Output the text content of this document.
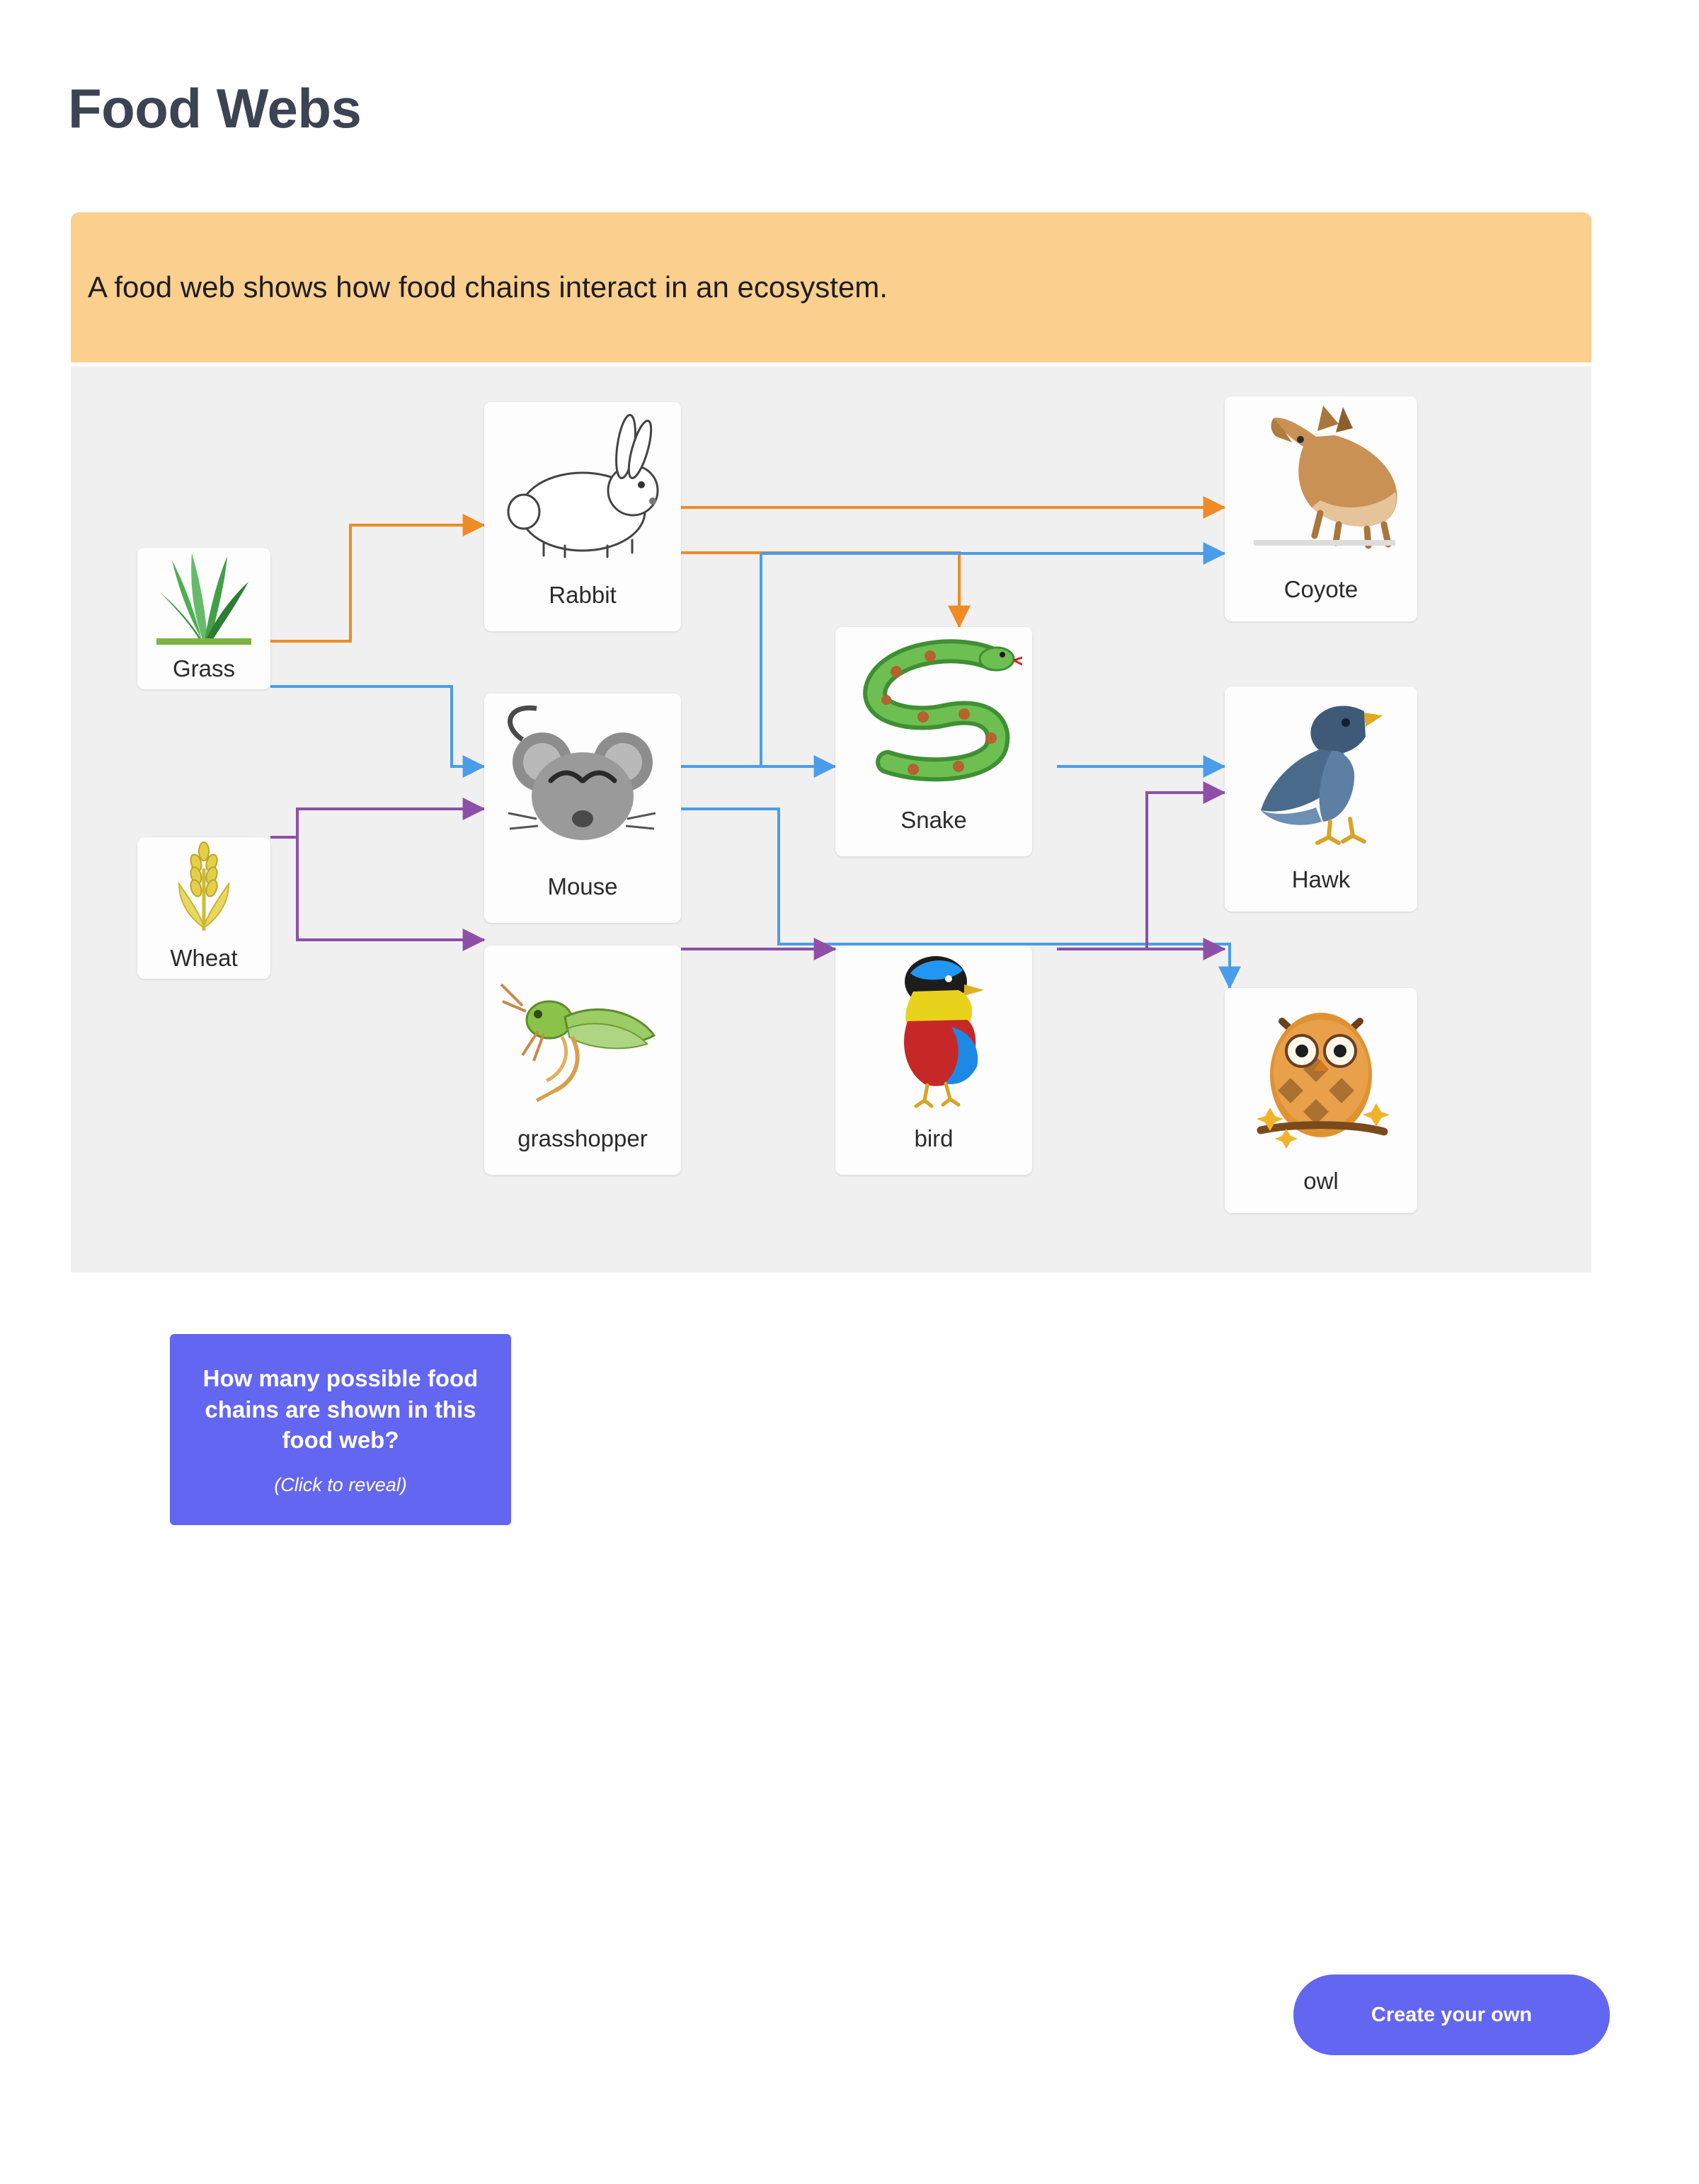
Food Webs
A food web shows how food chains interact in an ecosystem.
Grass
Wheat
Rabbit
Mouse
grasshopper
Snake
bird
Coyote
Hawk
owl
How many possible food chains are shown in this food web?
(Click to reveal)
Create your own
